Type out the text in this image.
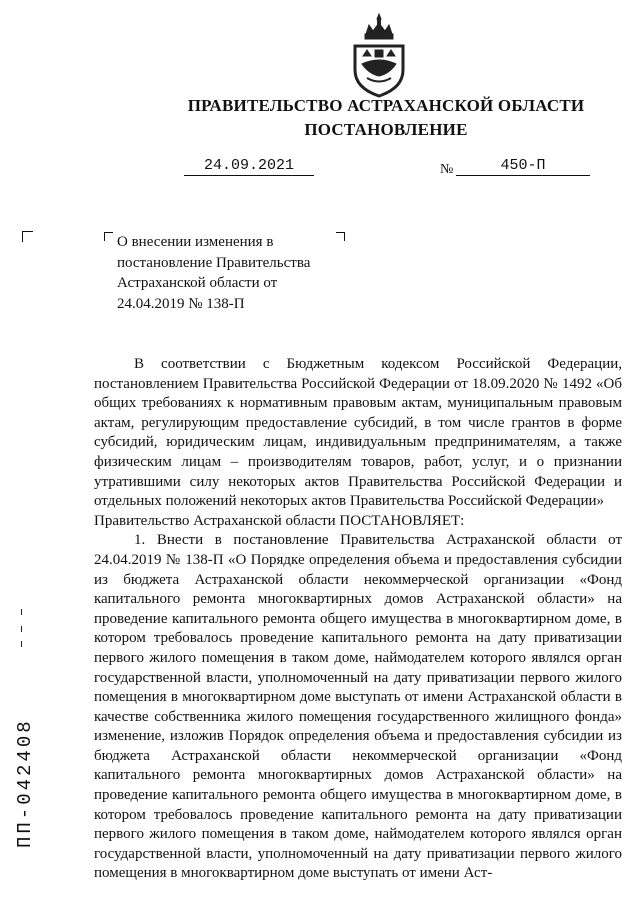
ПРАВИТЕЛЬСТВО АСТРАХАНСКОЙ ОБЛАСТИ
ПОСТАНОВЛЕНИЕ
24.09.2021	№	450-П
О внесении изменения в постановление Правительства Астраханской области от 24.04.2019 № 138-П

В соответствии с Бюджетным кодексом Российской Федерации, постановлением Правительства Российской Федерации от 18.09.2020 № 1492 «Об общих требованиях к нормативным правовым актам, муниципальным правовым актам, регулирующим предоставление субсидий, в том числе грантов в форме субсидий, юридическим лицам, индивидуальным предпринимателям, а также физическим лицам – производителям товаров, работ, услуг, и о признании утратившими силу некоторых актов Правительства Российской Федерации и отдельных положений некоторых актов Правительства Российской Федерации»

Правительство Астраханской области ПОСТАНОВЛЯЕТ:

1. Внести в постановление Правительства Астраханской области от 24.04.2019 № 138-П «О Порядке определения объема и предоставления субсидии из бюджета Астраханской области некоммерческой организации «Фонд капитального ремонта многоквартирных домов Астраханской области» на проведение капитального ремонта общего имущества в многоквартирном доме, в котором требовалось проведение капитального ремонта на дату приватизации первого жилого помещения в таком доме, наймодателем которого являлся орган государственной власти, уполномоченный на дату приватизации первого жилого помещения в многоквартирном доме выступать от имени Астраханской области в качестве собственника жилого помещения государственного жилищного фонда» изменение, изложив Порядок определения объема и предоставления субсидии из бюджета Астраханской области некоммерческой организации «Фонд капитального ремонта многоквартирных домов Астраханской области» на проведение капитального ремонта общего имущества в многоквартирном доме, в котором требовалось проведение капитального ремонта на дату приватизации первого жилого помещения в таком доме, наймодателем которого являлся орган государственной власти, уполномоченный на дату приватизации первого жилого помещения в многоквартирном доме выступать от имени Аст-

ПП-042408
